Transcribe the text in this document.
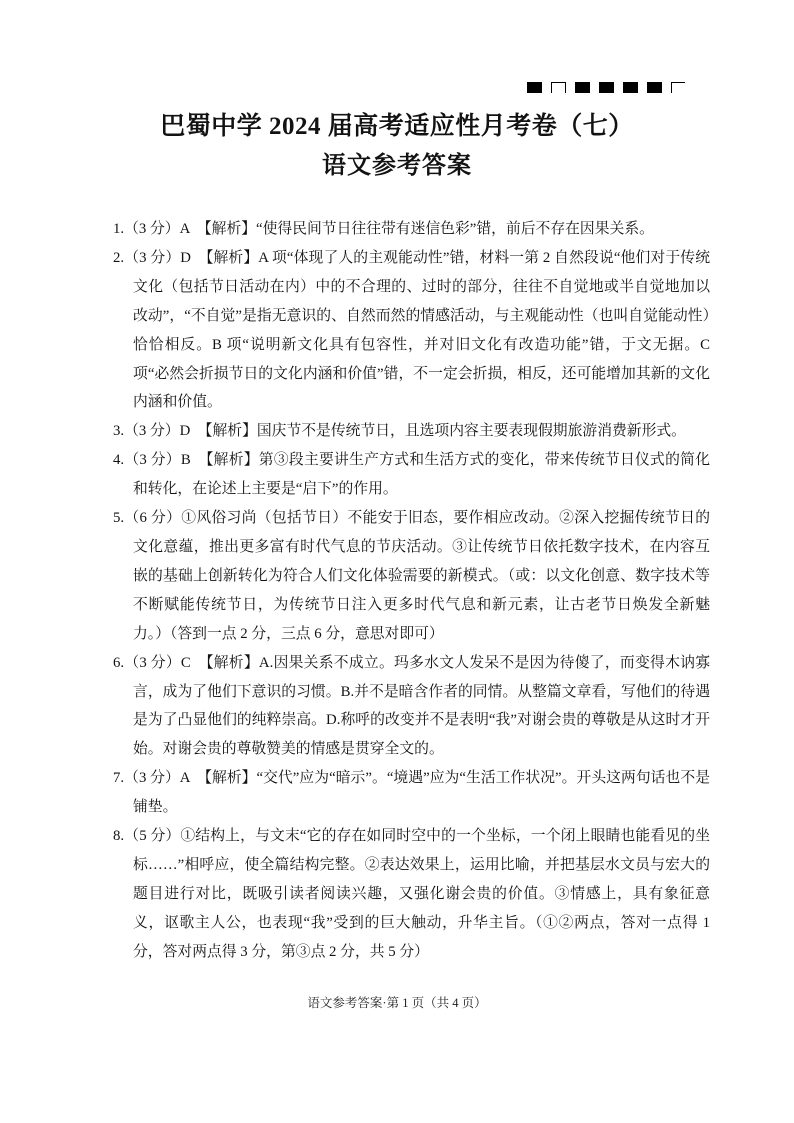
巴蜀中学 2024 届高考适应性月考卷（七）
语文参考答案
1.（3 分）A　【解析】“使得民间节日往往带有迷信色彩”错，前后不存在因果关系。
2.（3 分）D　【解析】A 项“体现了人的主观能动性”错，材料一第 2 自然段说“他们对于传统文化（包括节日活动在内）中的不合理的、过时的部分，往往不自觉地或半自觉地加以改动”，“不自觉”是指无意识的、自然而然的情感活动，与主观能动性（也叫自觉能动性）恰恰相反。B 项“说明新文化具有包容性，并对旧文化有改造功能”错，于文无据。C 项“必然会折损节日的文化内涵和价值”错，不一定会折损，相反，还可能增加其新的文化内涵和价值。
3.（3 分）D　【解析】国庆节不是传统节日，且选项内容主要表现假期旅游消费新形式。
4.（3 分）B　【解析】第③段主要讲生产方式和生活方式的变化，带来传统节日仪式的简化和转化，在论述上主要是“启下”的作用。
5.（6 分）①风俗习尚（包括节日）不能安于旧态，要作相应改动。②深入挖掘传统节日的文化意蕴，推出更多富有时代气息的节庆活动。③让传统节日依托数字技术，在内容互嵌的基础上创新转化为符合人们文化体验需要的新模式。（或：以文化创意、数字技术等不断赋能传统节日，为传统节日注入更多时代气息和新元素，让古老节日焕发全新魅力。）（答到一点 2 分，三点 6 分，意思对即可）
6.（3 分）C　【解析】A.因果关系不成立。玛多水文人发呆不是因为待傻了，而变得木讷寡言，成为了他们下意识的习惯。B.并不是暗含作者的同情。从整篇文章看，写他们的待遇是为了凸显他们的纯粹崇高。D.称呼的改变并不是表明“我”对谢会贵的尊敬是从这时才开始。对谢会贵的尊敬赞美的情感是贯穿全文的。
7.（3 分）A　【解析】“交代”应为“暗示”。“境遇”应为“生活工作状况”。开头这两句话也不是铺垫。
8.（5 分）①结构上，与文末“它的存在如同时空中的一个坐标，一个闭上眼睛也能看见的坐标……”相呼应，使全篇结构完整。②表达效果上，运用比喻，并把基层水文员与宏大的题目进行对比，既吸引读者阅读兴趣，又强化谢会贵的价值。③情感上，具有象征意义，讴歌主人公，也表现“我”受到的巨大触动，升华主旨。（①②两点，答对一点得 1 分，答对两点得 3 分，第③点 2 分，共 5 分）
语文参考答案·第 1 页（共 4 页）
